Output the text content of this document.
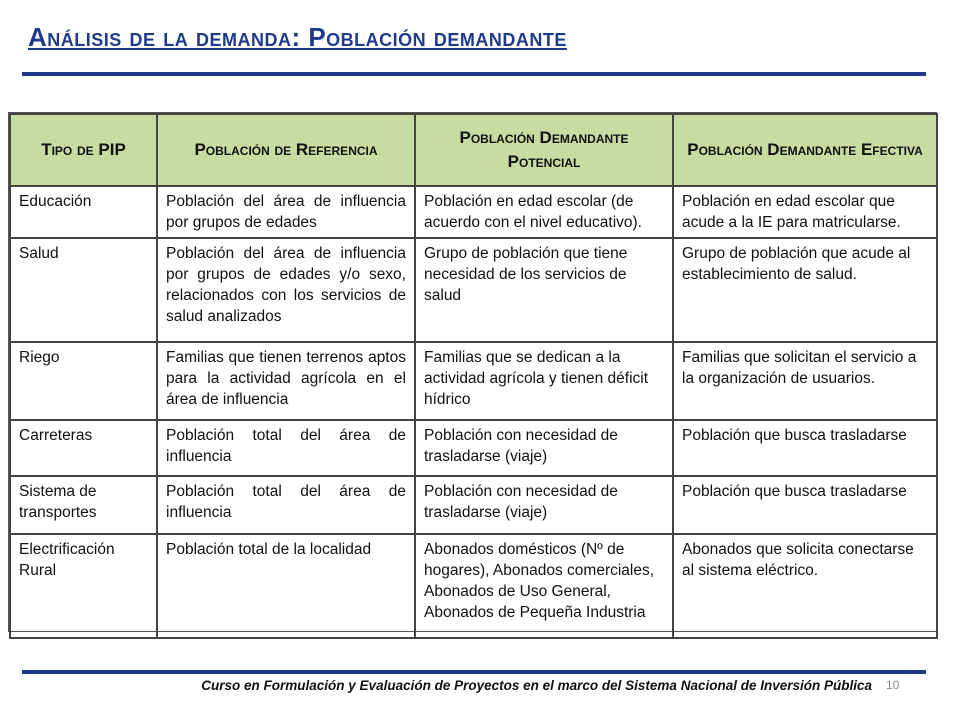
Análisis de la demanda: Población demandante
Tipo de PIP	Población de Referencia	Población Demandante Potencial	Población Demandante Efectiva
Educación	Población del área de influencia por grupos de edades	Población en edad escolar (de acuerdo con el nivel educativo).	Población en edad escolar que acude a la IE para matricularse.
Salud	Población del área de influencia por grupos de edades y/o sexo, relacionados con los servicios de salud analizados	Grupo de población que tiene necesidad de los servicios de salud	Grupo de población que acude al establecimiento de salud.
Riego	Familias que tienen terrenos aptos para la actividad agrícola en el área de influencia	Familias que se dedican a la actividad agrícola y tienen déficit hídrico	Familias que solicitan el servicio a la organización de usuarios.
Carreteras	Población total del área de influencia	Población con necesidad de trasladarse (viaje)	Población que busca trasladarse
Sistema de transportes	Población total del área de influencia	Población con necesidad de trasladarse (viaje)	Población que busca trasladarse
Electrificación Rural	Población total de la localidad	Abonados domésticos (Nº de hogares), Abonados comerciales, Abonados de Uso General, Abonados de Pequeña Industria	Abonados que solicita conectarse al sistema eléctrico.
Curso en Formulación y Evaluación de Proyectos en el marco del Sistema Nacional de Inversión Pública 10
